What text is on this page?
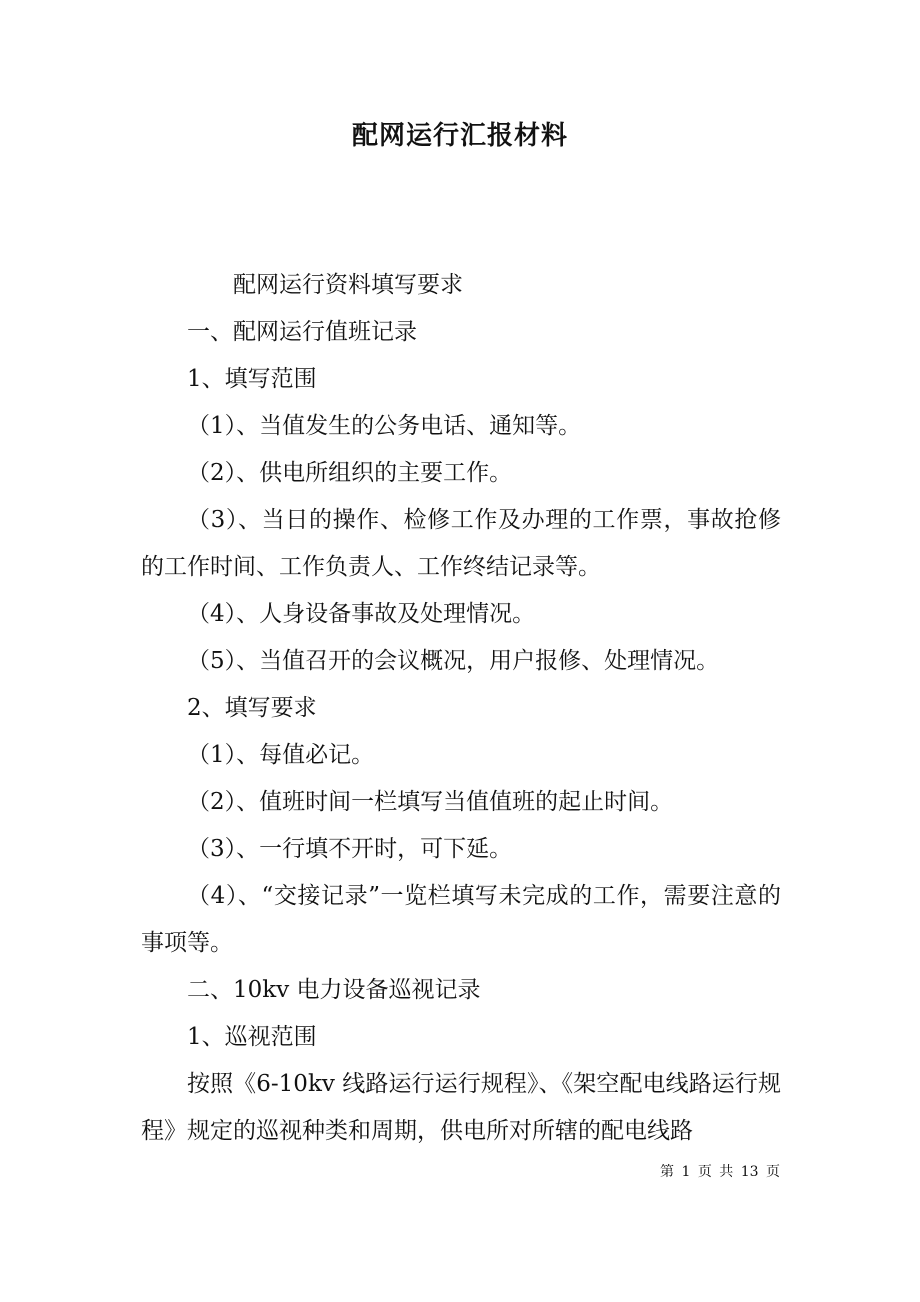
配网运行汇报材料

配网运行资料填写要求

一、配网运行值班记录

1、填写范围

（1）、当值发生的公务电话、通知等。

（2）、供电所组织的主要工作。

（3）、当日的操作、检修工作及办理的工作票，事故抢修的工作时间、工作负责人、工作终结记录等。

（4）、人身设备事故及处理情况。

（5）、当值召开的会议概况，用户报修、处理情况。

2、填写要求

（1）、每值必记。

（2）、值班时间一栏填写当值值班的起止时间。

（3）、一行填不开时，可下延。

（4）、“交接记录”一览栏填写未完成的工作，需要注意的事项等。

二、10kv 电力设备巡视记录

1、巡视范围

按照《6-10kv 线路运行运行规程》、《架空配电线路运行规程》规定的巡视种类和周期，供电所对所辖的配电线路

第 1 页 共 13 页
